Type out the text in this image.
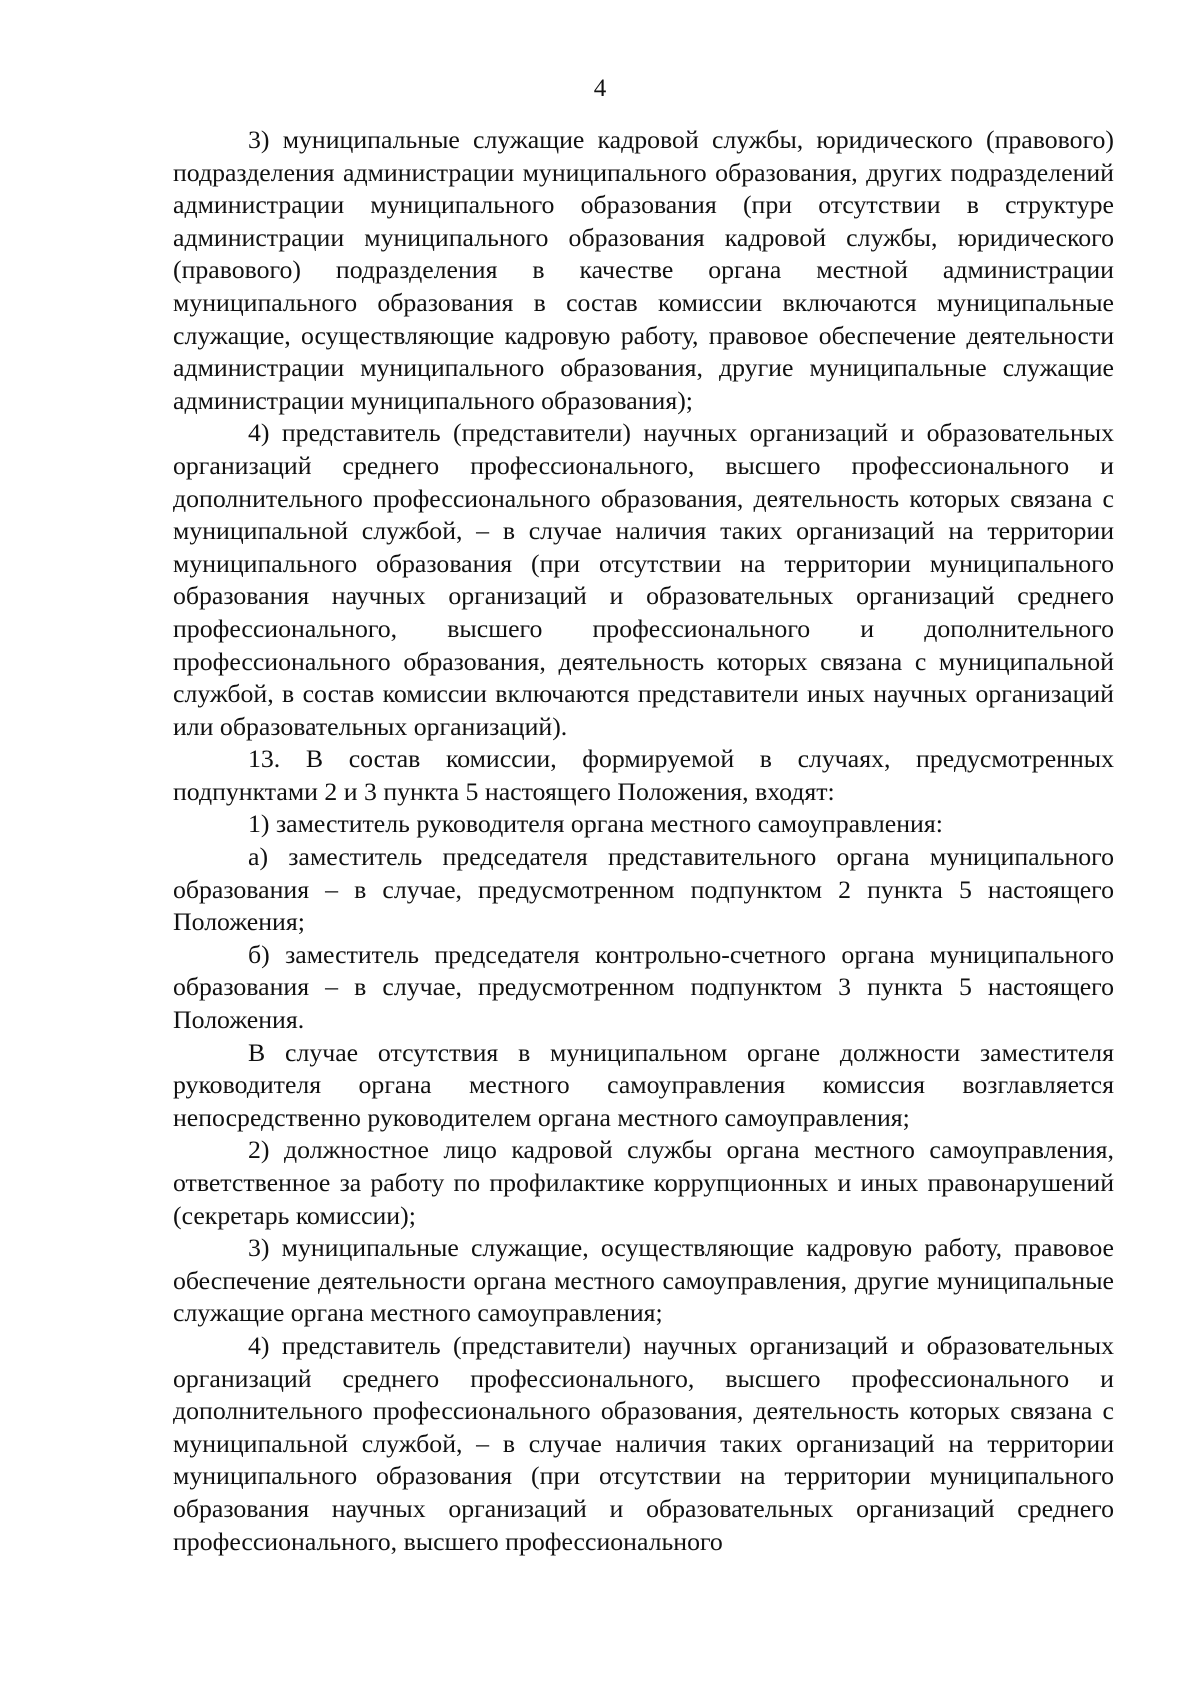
4

3) муниципальные служащие кадровой службы, юридического (правового) подразделения администрации муниципального образования, других подразделений администрации муниципального образования (при отсутствии в структуре администрации муниципального образования кадровой службы, юридического (правового) подразделения в качестве органа местной администрации муниципального образования в состав комиссии включаются муниципальные служащие, осуществляющие кадровую работу, правовое обеспечение деятельности администрации муниципального образования, другие муниципальные служащие администрации муниципального образования);

4) представитель (представители) научных организаций и образовательных организаций среднего профессионального, высшего профессионального и дополнительного профессионального образования, деятельность которых связана с муниципальной службой, – в случае наличия таких организаций на территории муниципального образования (при отсутствии на территории муниципального образования научных организаций и образовательных организаций среднего профессионального, высшего профессионального и дополнительного профессионального образования, деятельность которых связана с муниципальной службой, в состав комиссии включаются представители иных научных организаций или образовательных организаций).

13. В состав комиссии, формируемой в случаях, предусмотренных подпунктами 2 и 3 пункта 5 настоящего Положения, входят:

1) заместитель руководителя органа местного самоуправления:

а) заместитель председателя представительного органа муниципального образования – в случае, предусмотренном подпунктом 2 пункта 5 настоящего Положения;

б) заместитель председателя контрольно-счетного органа муниципального образования – в случае, предусмотренном подпунктом 3 пункта 5 настоящего Положения.

В случае отсутствия в муниципальном органе должности заместителя руководителя органа местного самоуправления комиссия возглавляется непосредственно руководителем органа местного самоуправления;

2) должностное лицо кадровой службы органа местного самоуправления, ответственное за работу по профилактике коррупционных и иных правонарушений (секретарь комиссии);

3) муниципальные служащие, осуществляющие кадровую работу, правовое обеспечение деятельности органа местного самоуправления, другие муниципальные служащие органа местного самоуправления;

4) представитель (представители) научных организаций и образовательных организаций среднего профессионального, высшего профессионального и дополнительного профессионального образования, деятельность которых связана с муниципальной службой, – в случае наличия таких организаций на территории муниципального образования (при отсутствии на территории муниципального образования научных организаций и образовательных организаций среднего профессионального, высшего профессионального
